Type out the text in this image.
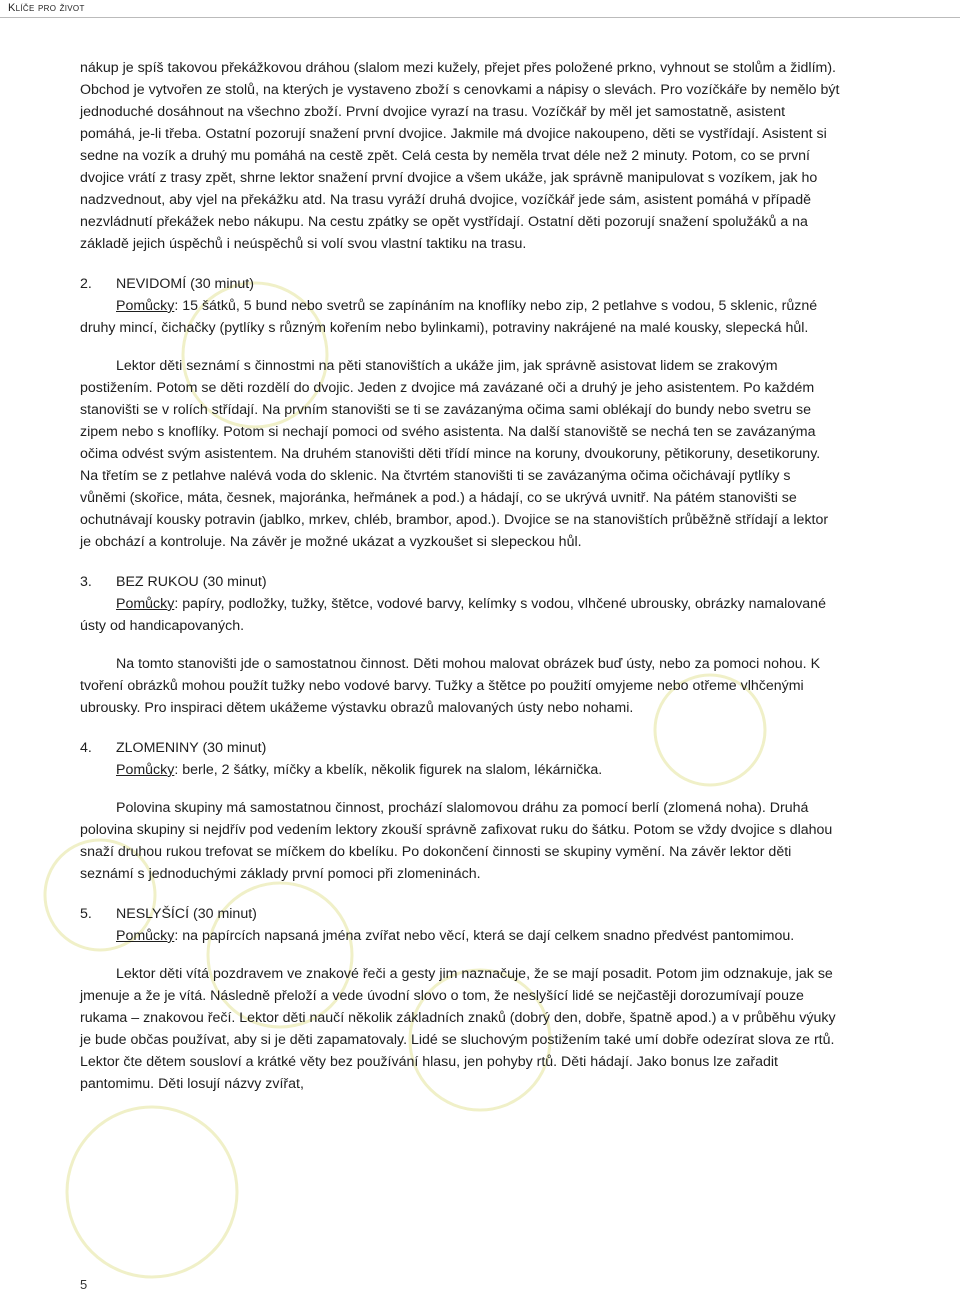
Klíče pro život

nákup je spíš takovou překážkovou dráhou (slalom mezi kužely, přejet přes položené prkno, vyhnout se stolům a židlím). Obchod je vytvořen ze stolů, na kterých je vystaveno zboží s cenovkami a nápisy o slevách. Pro vozíčkáře by nemělo být jednoduché dosáhnout na všechno zboží. První dvojice vyrazí na trasu. Vozíčkář by měl jet samostatně, asistent pomáhá, je-li třeba. Ostatní pozorují snažení první dvojice. Jakmile má dvojice nakoupeno, děti se vystřídají. Asistent si sedne na vozík a druhý mu pomáhá na cestě zpět. Celá cesta by neměla trvat déle než 2 minuty. Potom, co se první dvojice vrátí z trasy zpět, shrne lektor snažení první dvojice a všem ukáže, jak správně manipulovat s vozíkem, jak ho nadzvednout, aby vjel na překážku atd. Na trasu vyráží druhá dvojice, vozíčkář jede sám, asistent pomáhá v případě nezvládnutí překážek nebo nákupu. Na cestu zpátky se opět vystřídají. Ostatní děti pozorují snažení spolužáků a na základě jejich úspěchů i neúspěchů si volí svou vlastní taktiku na trasu.

2. NEVIDOMÍ (30 minut)

Pomůcky: 15 šátků, 5 bund nebo svetrů se zapínáním na knoflíky nebo zip, 2 petlahve s vodou, 5 sklenic, různé druhy mincí, čichačky (pytlíky s různým kořením nebo bylinkami), potraviny nakrájené na malé kousky, slepecká hůl.

Lektor děti seznámí s činnostmi na pěti stanovištích a ukáže jim, jak správně asistovat lidem se zrakovým postižením. Potom se děti rozdělí do dvojic. Jeden z dvojice má zavázané oči a druhý je jeho asistentem. Po každém stanovišti se v rolích střídají. Na prvním stanovišti se ti se zavázanýma očima sami oblékají do bundy nebo svetru se zipem nebo s knoflíky. Potom si nechají pomoci od svého asistenta. Na další stanoviště se nechá ten se zavázanýma očima odvést svým asistentem. Na druhém stanovišti děti třídí mince na koruny, dvoukoruny, pětikoruny, desetikoruny. Na třetím se z petlahve nalévá voda do sklenic. Na čtvrtém stanovišti ti se zavázanýma očima očichávají pytlíky s vůněmi (skořice, máta, česnek, majoránka, heřmánek a pod.) a hádají, co se ukrývá uvnitř. Na pátém stanovišti se ochutnávají kousky potravin (jablko, mrkev, chléb, brambor, apod.). Dvojice se na stanovištích průběžně střídají a lektor je obchází a kontroluje. Na závěr je možné ukázat a vyzkoušet si slepeckou hůl.

3. BEZ RUKOU (30 minut)

Pomůcky: papíry, podložky, tužky, štětce, vodové barvy, kelímky s vodou, vlhčené ubrousky, obrázky namalované ústy od handicapovaných.

Na tomto stanovišti jde o samostatnou činnost. Děti mohou malovat obrázek buď ústy, nebo za pomoci nohou. K tvoření obrázků mohou použít tužky nebo vodové barvy. Tužky a štětce po použití omyjeme nebo otřeme vlhčenými ubrousky. Pro inspiraci dětem ukážeme výstavku obrazů malovaných ústy nebo nohami.

4. ZLOMENINY (30 minut)

Pomůcky: berle, 2 šátky, míčky a kbelík, několik figurek na slalom, lékárnička.

Polovina skupiny má samostatnou činnost, prochází slalomovou dráhu za pomocí berlí (zlomená noha). Druhá polovina skupiny si nejdřív pod vedením lektory zkouší správně zafixovat ruku do šátku. Potom se vždy dvojice s dlahou snaží druhou rukou trefovat se míčkem do kbelíku. Po dokončení činnosti se skupiny vymění. Na závěr lektor děti seznámí s jednoduchými základy první pomoci při zlomeninách.

5. NESLYŠÍCÍ (30 minut)

Pomůcky: na papírcích napsaná jména zvířat nebo věcí, která se dají celkem snadno předvést pantomimou.

Lektor děti vítá pozdravem ve znakové řeči a gesty jim naznačuje, že se mají posadit. Potom jim odznakuje, jak se jmenuje a že je vítá. Následně přeloží a vede úvodní slovo o tom, že neslyšící lidé se nejčastěji dorozumívají pouze rukama – znakovou řečí. Lektor děti naučí několik základních znaků (dobrý den, dobře, špatně apod.) a v průběhu výuky je bude občas používat, aby si je děti zapamatovaly. Lidé se sluchovým postižením také umí dobře odezírat slova ze rtů. Lektor čte dětem sousloví a krátké věty bez používání hlasu, jen pohyby rtů. Děti hádají. Jako bonus lze zařadit pantomimu. Děti losují názvy zvířat,

5
